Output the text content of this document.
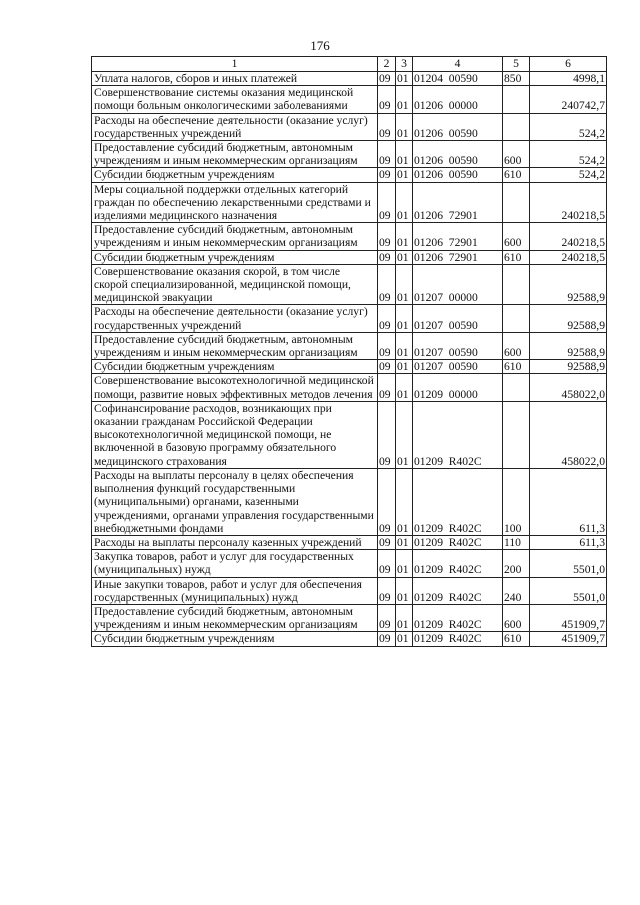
176
1	2	3	4	5	6
Уплата налогов, сборов и иных платежей	09	01	01204  00590	850	4998,1
Совершенствование системы оказания медицинской помощи больным онкологическими заболеваниями	09	01	01206  00000		240742,7
Расходы на обеспечение деятельности (оказание услуг) государственных учреждений	09	01	01206  00590		524,2
Предоставление субсидий бюджетным, автономным учреждениям и иным некоммерческим организациям	09	01	01206  00590	600	524,2
Субсидии бюджетным учреждениям	09	01	01206  00590	610	524,2
Меры социальной поддержки отдельных категорий граждан по обеспечению лекарственными средствами и изделиями медицинского назначения	09	01	01206  72901		240218,5
Предоставление субсидий бюджетным, автономным учреждениям и иным некоммерческим организациям	09	01	01206  72901	600	240218,5
Субсидии бюджетным учреждениям	09	01	01206  72901	610	240218,5
Совершенствование оказания скорой, в том числе скорой специализированной, медицинской помощи, медицинской эвакуации	09	01	01207  00000		92588,9
Расходы на обеспечение деятельности (оказание услуг) государственных учреждений	09	01	01207  00590		92588,9
Предоставление субсидий бюджетным, автономным учреждениям и иным некоммерческим организациям	09	01	01207  00590	600	92588,9
Субсидии бюджетным учреждениям	09	01	01207  00590	610	92588,9
Совершенствование высокотехнологичной медицинской помощи, развитие новых эффективных методов лечения	09	01	01209  00000		458022,0
Софинансирование расходов, возникающих при оказании гражданам Российской Федерации высокотехнологичной медицинской помощи, не включенной в базовую программу обязательного медицинского страхования	09	01	01209  R402C		458022,0
Расходы на выплаты персоналу в целях обеспечения выполнения функций государственными (муниципальными) органами, казенными учреждениями, органами управления государственными внебюджетными фондами	09	01	01209  R402C	100	611,3
Расходы на выплаты персоналу казенных учреждений	09	01	01209  R402C	110	611,3
Закупка товаров, работ и услуг для государственных (муниципальных) нужд	09	01	01209  R402C	200	5501,0
Иные закупки товаров, работ и услуг для обеспечения государственных (муниципальных) нужд	09	01	01209  R402C	240	5501,0
Предоставление субсидий бюджетным, автономным учреждениям и иным некоммерческим организациям	09	01	01209  R402C	600	451909,7
Субсидии бюджетным учреждениям	09	01	01209  R402C	610	451909,7
